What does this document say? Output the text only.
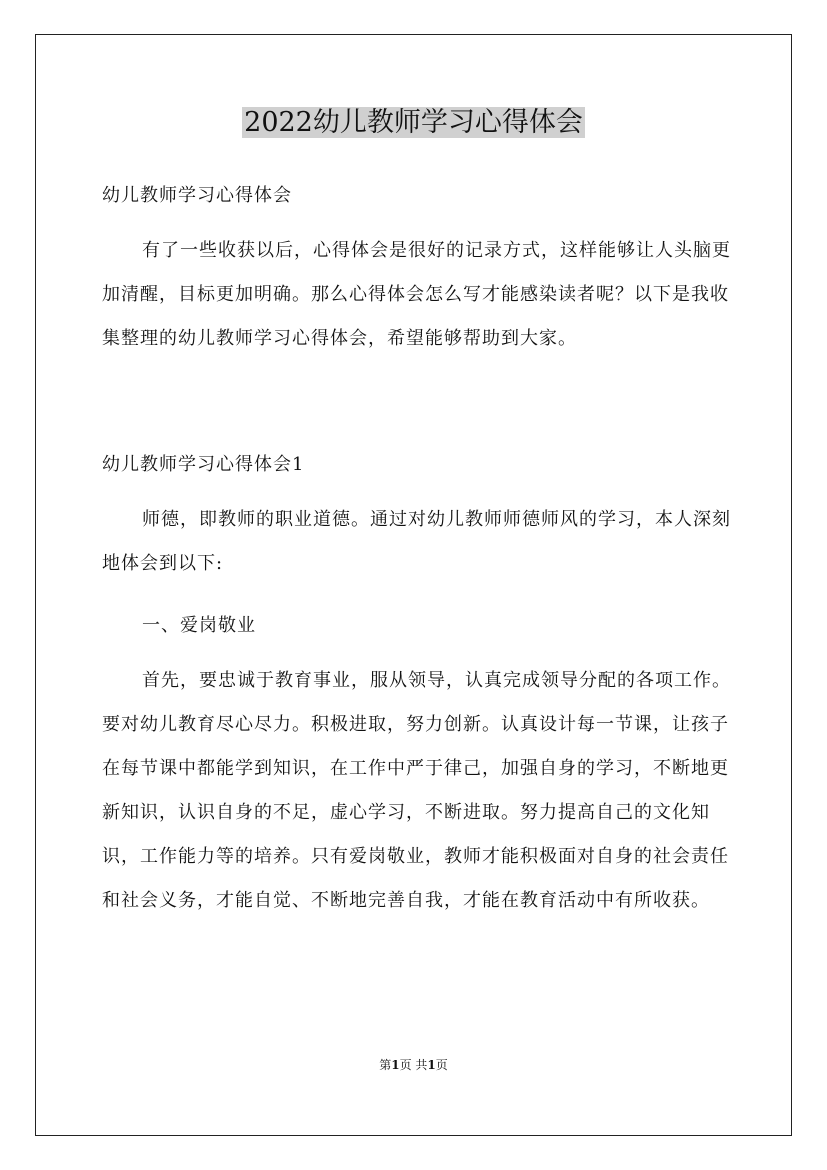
2022幼儿教师学习心得体会

幼儿教师学习心得体会

有了一些收获以后，心得体会是很好的记录方式，这样能够让人头脑更加清醒，目标更加明确。那么心得体会怎么写才能感染读者呢？以下是我收集整理的幼儿教师学习心得体会，希望能够帮助到大家。

幼儿教师学习心得体会1

师德，即教师的职业道德。通过对幼儿教师师德师风的学习，本人深刻地体会到以下:

一、爱岗敬业

首先，要忠诚于教育事业，服从领导，认真完成领导分配的各项工作。要对幼儿教育尽心尽力。积极进取，努力创新。认真设计每一节课，让孩子在每节课中都能学到知识，在工作中严于律己，加强自身的学习，不断地更新知识，认识自身的不足，虚心学习，不断进取。努力提高自己的文化知识，工作能力等的培养。只有爱岗敬业，教师才能积极面对自身的社会责任和社会义务，才能自觉、不断地完善自我，才能在教育活动中有所收获。

第1页 共1页
